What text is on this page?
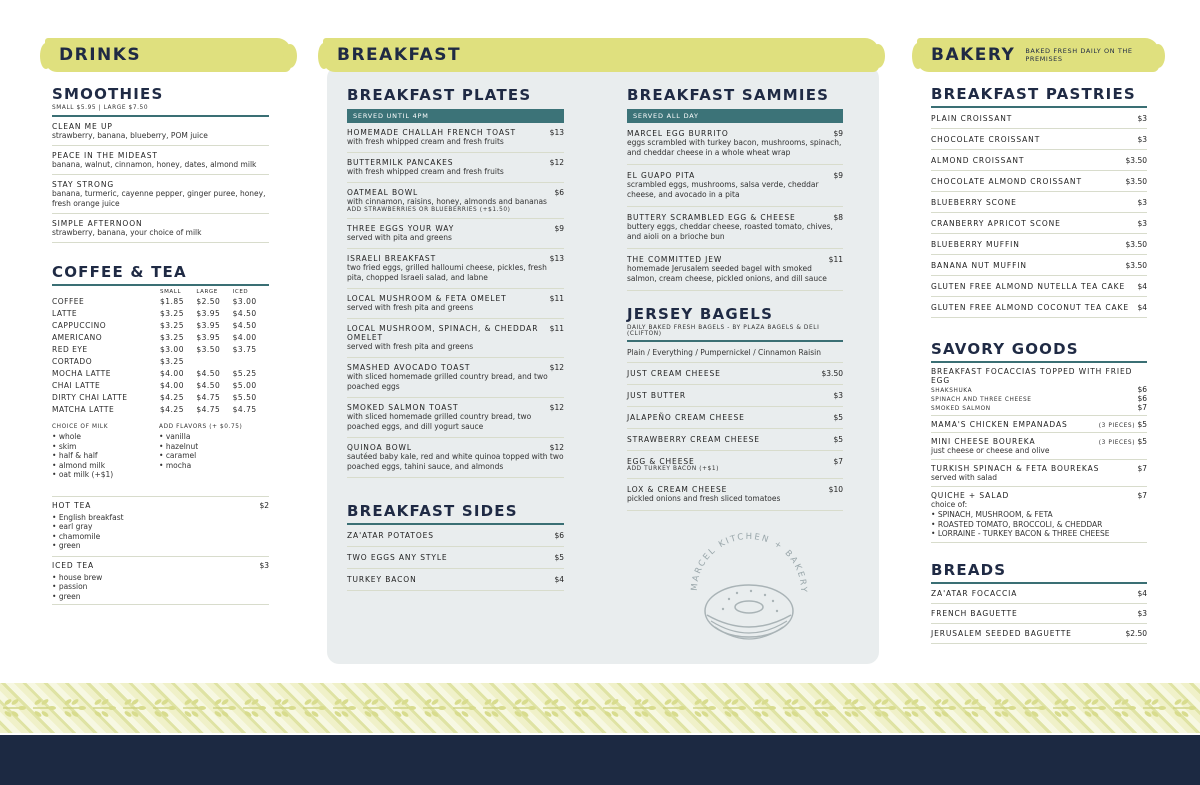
DRINKS
SMOOTHIES
SMALL $5.95 | LARGE $7.50
CLEAN ME UP
strawberry, banana, blueberry, POM juice
PEACE IN THE MIDEAST
banana, walnut, cinnamon, honey, dates, almond milk
STAY STRONG
banana, turmeric, cayenne pepper, ginger puree, honey, fresh orange juice
SIMPLE AFTERNOON
strawberry, banana, your choice of milk
COFFEE & TEA
	SMALL	LARGE	ICED
COFFEE	$1.85	$2.50	$3.00
LATTE	$3.25	$3.95	$4.50
CAPPUCCINO	$3.25	$3.95	$4.50
AMERICANO	$3.25	$3.95	$4.00
RED EYE	$3.00	$3.50	$3.75
CORTADO	$3.25		
MOCHA LATTE	$4.00	$4.50	$5.25
CHAI LATTE	$4.00	$4.50	$5.00
DIRTY CHAI LATTE	$4.25	$4.75	$5.50
MATCHA LATTE	$4.25	$4.75	$4.75
CHOICE OF MILK
• whole
• skim
• half & half
• almond milk
• oat milk (+$1)
ADD FLAVORS (+ $0.75)
• vanilla
• hazelnut
• caramel
• mocha
HOT TEA	$2
• English breakfast
• earl gray
• chamomile
• green
ICED TEA	$3
• house brew
• passion
• green
BREAKFAST
BREAKFAST PLATES
SERVED UNTIL 4PM
HOMEMADE CHALLAH FRENCH TOAST	$13
with fresh whipped cream and fresh fruits
BUTTERMILK PANCAKES	$12
with fresh whipped cream and fresh fruits
OATMEAL BOWL	$6
with cinnamon, raisins, honey, almonds and bananas
ADD STRAWBERRIES OR BLUEBERRIES (+$1.50)
THREE EGGS YOUR WAY	$9
served with pita and greens
ISRAELI BREAKFAST	$13
two fried eggs, grilled halloumi cheese, pickles, fresh pita, chopped Israeli salad, and labne
LOCAL MUSHROOM & FETA OMELET	$11
served with fresh pita and greens
LOCAL MUSHROOM, SPINACH, & CHEDDAR OMELET
$11
served with fresh pita and greens
SMASHED AVOCADO TOAST	$12
with sliced homemade grilled country bread, and two poached eggs
SMOKED SALMON TOAST	$12
with sliced homemade grilled country bread, two poached eggs, and dill yogurt sauce
QUINOA BOWL	$12
sautéed baby kale, red and white quinoa topped with two poached eggs, tahini sauce, and almonds
BREAKFAST SIDES
ZA'ATAR POTATOES	$6
TWO EGGS ANY STYLE	$5
TURKEY BACON	$4
BREAKFAST SAMMIES
SERVED ALL DAY
MARCEL EGG BURRITO	$9
eggs scrambled with turkey bacon, mushrooms, spinach, and cheddar cheese in a whole wheat wrap
EL GUAPO PITA	$9
scrambled eggs, mushrooms, salsa verde, cheddar cheese, and avocado in a pita
BUTTERY SCRAMBLED EGG & CHEESE	$8
buttery eggs, cheddar cheese, roasted tomato, chives, and aioli on a brioche bun
THE COMMITTED JEW	$11
homemade Jerusalem seeded bagel with smoked salmon, cream cheese, pickled onions, and dill sauce
JERSEY BAGELS
DAILY BAKED FRESH BAGELS - BY PLAZA BAGELS & DELI (CLIFTON)
Plain / Everything / Pumpernickel / Cinnamon Raisin
JUST CREAM CHEESE	$3.50
JUST BUTTER	$3
JALAPEÑO CREAM CHEESE	$5
STRAWBERRY CREAM CHEESE	$5
EGG & CHEESE	$7
ADD TURKEY BACON (+$1)
LOX & CREAM CHEESE	$10
pickled onions and fresh sliced tomatoes
MARCEL KITCHEN + BAKERY
BAKERY BAKED FRESH DAILY ON THE PREMISES
BREAKFAST PASTRIES
PLAIN CROISSANT	$3
CHOCOLATE CROISSANT	$3
ALMOND CROISSANT	$3.50
CHOCOLATE ALMOND CROISSANT	$3.50
BLUEBERRY SCONE	$3
CRANBERRY APRICOT SCONE	$3
BLUEBERRY MUFFIN	$3.50
BANANA NUT MUFFIN	$3.50
GLUTEN FREE ALMOND NUTELLA TEA CAKE $4
GLUTEN FREE ALMOND COCONUT TEA CAKE $4
SAVORY GOODS
BREAKFAST FOCACCIAS TOPPED WITH FRIED EGG
SHAKSHUKA	$6
SPINACH AND THREE CHEESE	$6
SMOKED SALMON	$7
MAMA'S CHICKEN EMPANADAS	(3 PIECES) $5
MINI CHEESE BOUREKA	(3 PIECES) $5
just cheese or cheese and olive
TURKISH SPINACH & FETA BOUREKAS	$7
served with salad
QUICHE + SALAD	$7
choice of:
• SPINACH, MUSHROOM, & FETA
• ROASTED TOMATO, BROCCOLI, & CHEDDAR
• LORRAINE - TURKEY BACON & THREE CHEESE
BREADS
ZA'ATAR FOCACCIA	$4
FRENCH BAGUETTE	$3
JERUSALEM SEEDED BAGUETTE	$2.50
